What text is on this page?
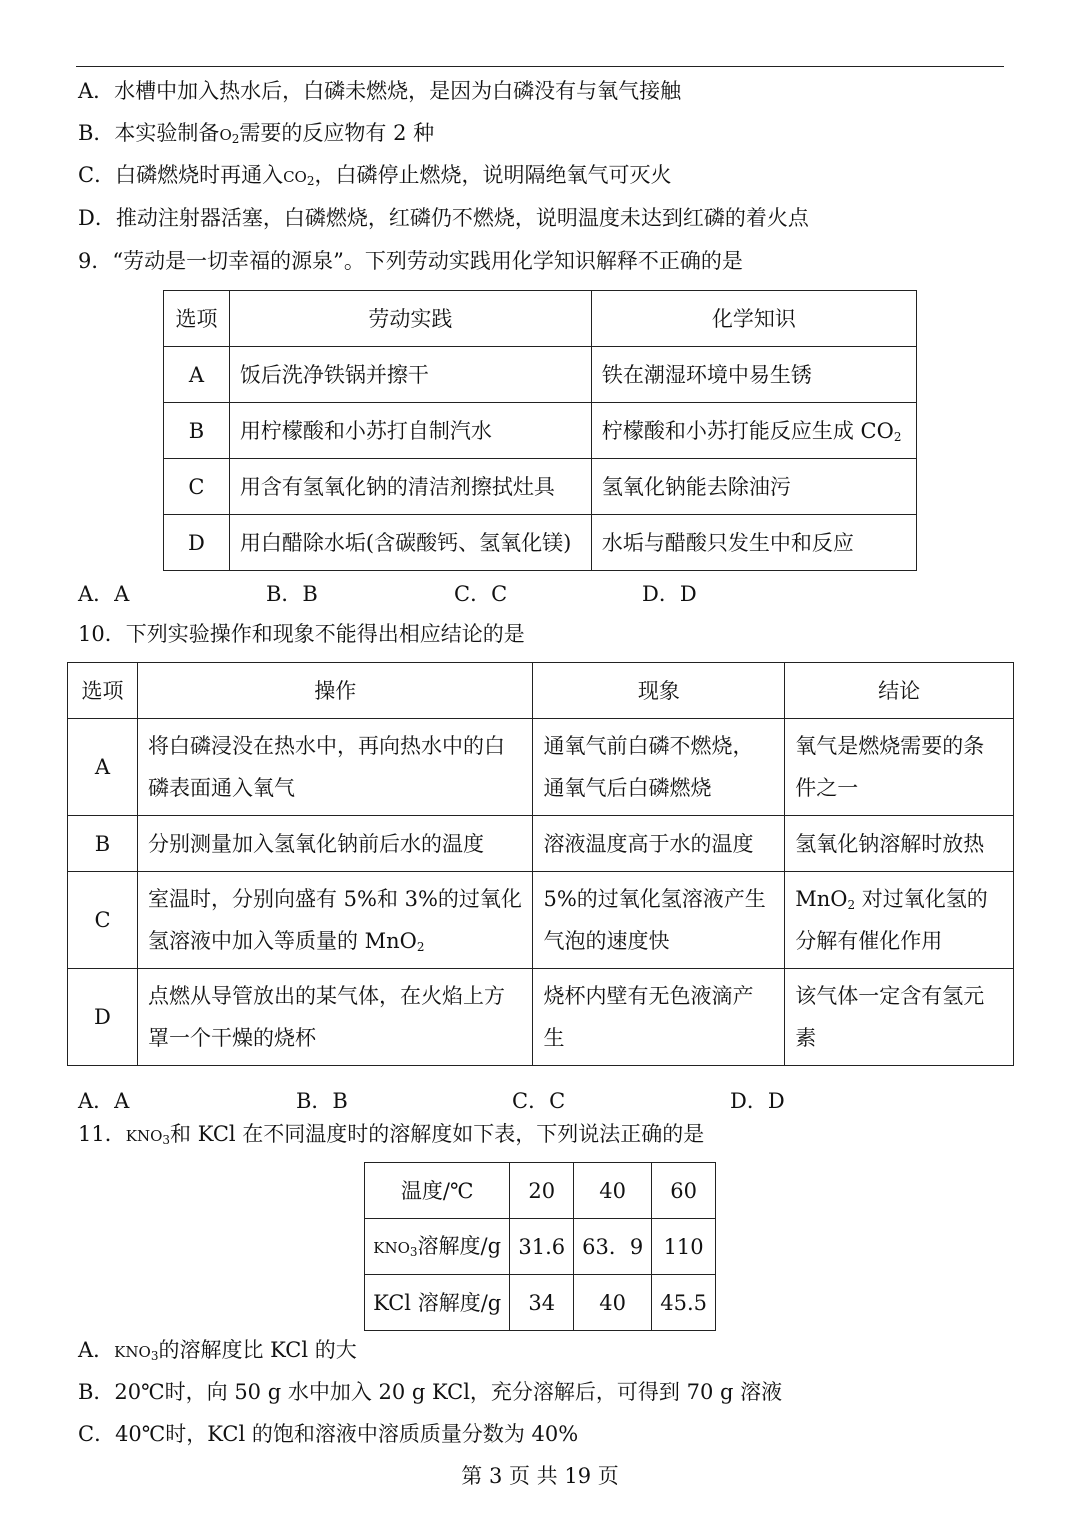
A．水槽中加入热水后，白磷未燃烧，是因为白磷没有与氧气接触
B．本实验制备$O_2$需要的反应物有 2 种
C．白磷燃烧时再通入$CO_2$，白磷停止燃烧，说明隔绝氧气可灭火
D．推动注射器活塞，白磷燃烧，红磷仍不燃烧，说明温度未达到红磷的着火点
9．“劳动是一切幸福的源泉”。下列劳动实践用化学知识解释不正确的是
选项	劳动实践	化学知识
A	饭后洗净铁锅并擦干	铁在潮湿环境中易生锈
B	用柠檬酸和小苏打自制汽水	柠檬酸和小苏打能反应生成 $CO_2$
C	用含有氢氧化钠的清洁剂擦拭灶具	氢氧化钠能去除油污
D	用白醋除水垢(含碳酸钙、氢氧化镁)	水垢与醋酸只发生中和反应
A．A	B．B	C．C	D．D
10．下列实验操作和现象不能得出相应结论的是
选项	操作	现象	结论
A	将白磷浸没在热水中，再向热水中的白磷表面通入氧气	通氧气前白磷不燃烧，通氧气后白磷燃烧	氧气是燃烧需要的条件之一
B	分别测量加入氢氧化钠前后水的温度	溶液温度高于水的温度	氢氧化钠溶解时放热
C	室温时，分别向盛有 5%和 3%的过氧化氢溶液中加入等质量的 MnO$_2$	5%的过氧化氢溶液产生气泡的速度快	MnO$_2$ 对过氧化氢的分解有催化作用
D	点燃从导管放出的某气体，在火焰上方罩一个干燥的烧杯	烧杯内壁有无色液滴产生	该气体一定含有氢元素
A．A	B．B	C．C	D．D
11．$KNO_3$和 KCl 在不同温度时的溶解度如下表，下列说法正确的是
温度/℃	20	40	60
$KNO_3$溶解度/g	31.6	63．9	110
KCl 溶解度/g	34	40	45.5
A．$KNO_3$的溶解度比 KCl 的大
B．20℃时，向 50 g 水中加入 20 g KCl，充分溶解后，可得到 70 g 溶液
C．40℃时，KCl 的饱和溶液中溶质质量分数为 40%
第 3 页 共 19 页
